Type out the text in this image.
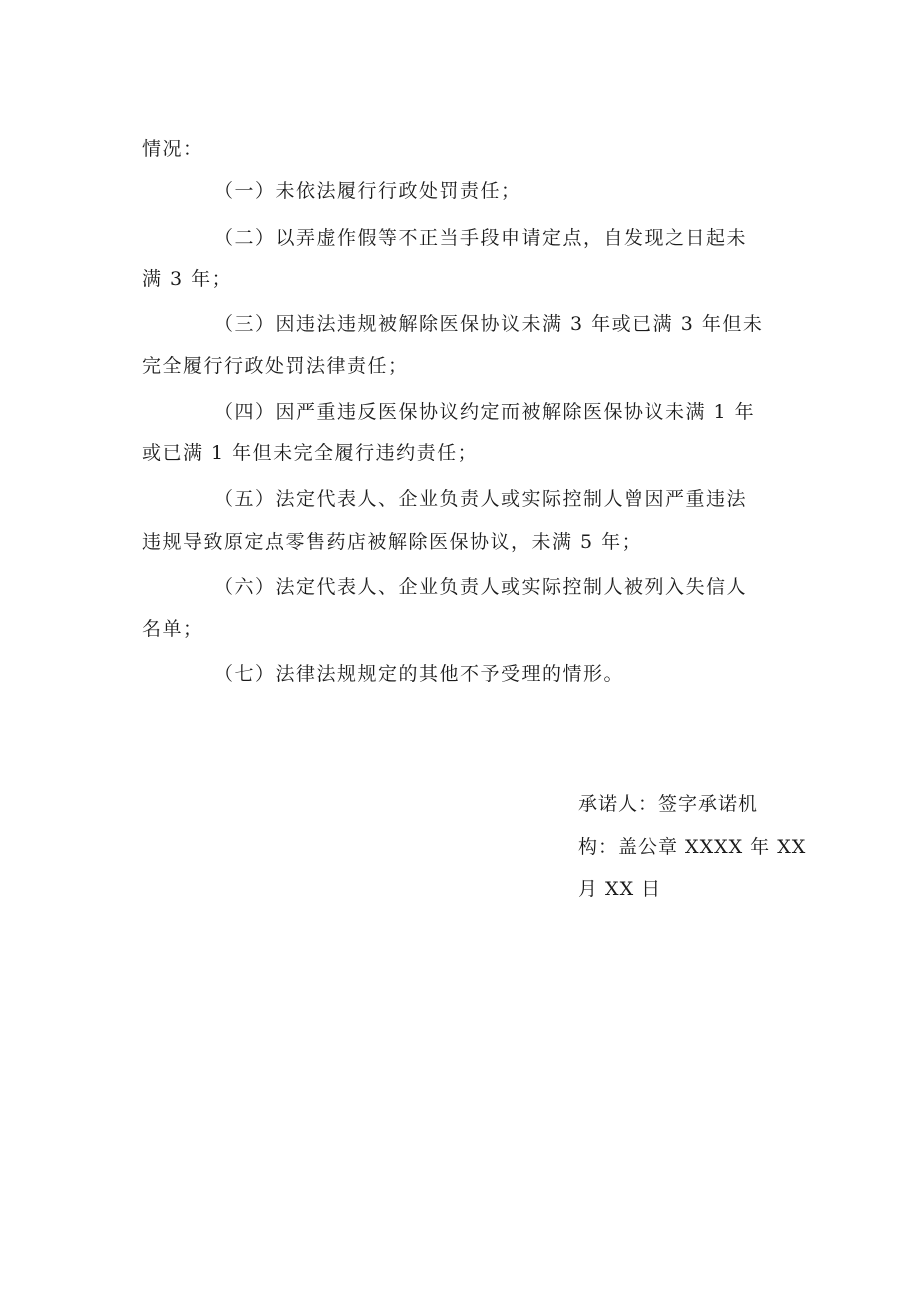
情况：
（一）未依法履行行政处罚责任；
（二）以弄虚作假等不正当手段申请定点，自发现之日起未
满 3 年；
（三）因违法违规被解除医保协议未满 3 年或已满 3 年但未
完全履行行政处罚法律责任；
（四）因严重违反医保协议约定而被解除医保协议未满 1 年
或已满 1 年但未完全履行违约责任；
（五）法定代表人、企业负责人或实际控制人曾因严重违法
违规导致原定点零售药店被解除医保协议，未满 5 年；
（六）法定代表人、企业负责人或实际控制人被列入失信人
名单；
（七）法律法规规定的其他不予受理的情形。
承诺人：签字承诺机
构：盖公章 XXXX 年 XX
月 XX 日
